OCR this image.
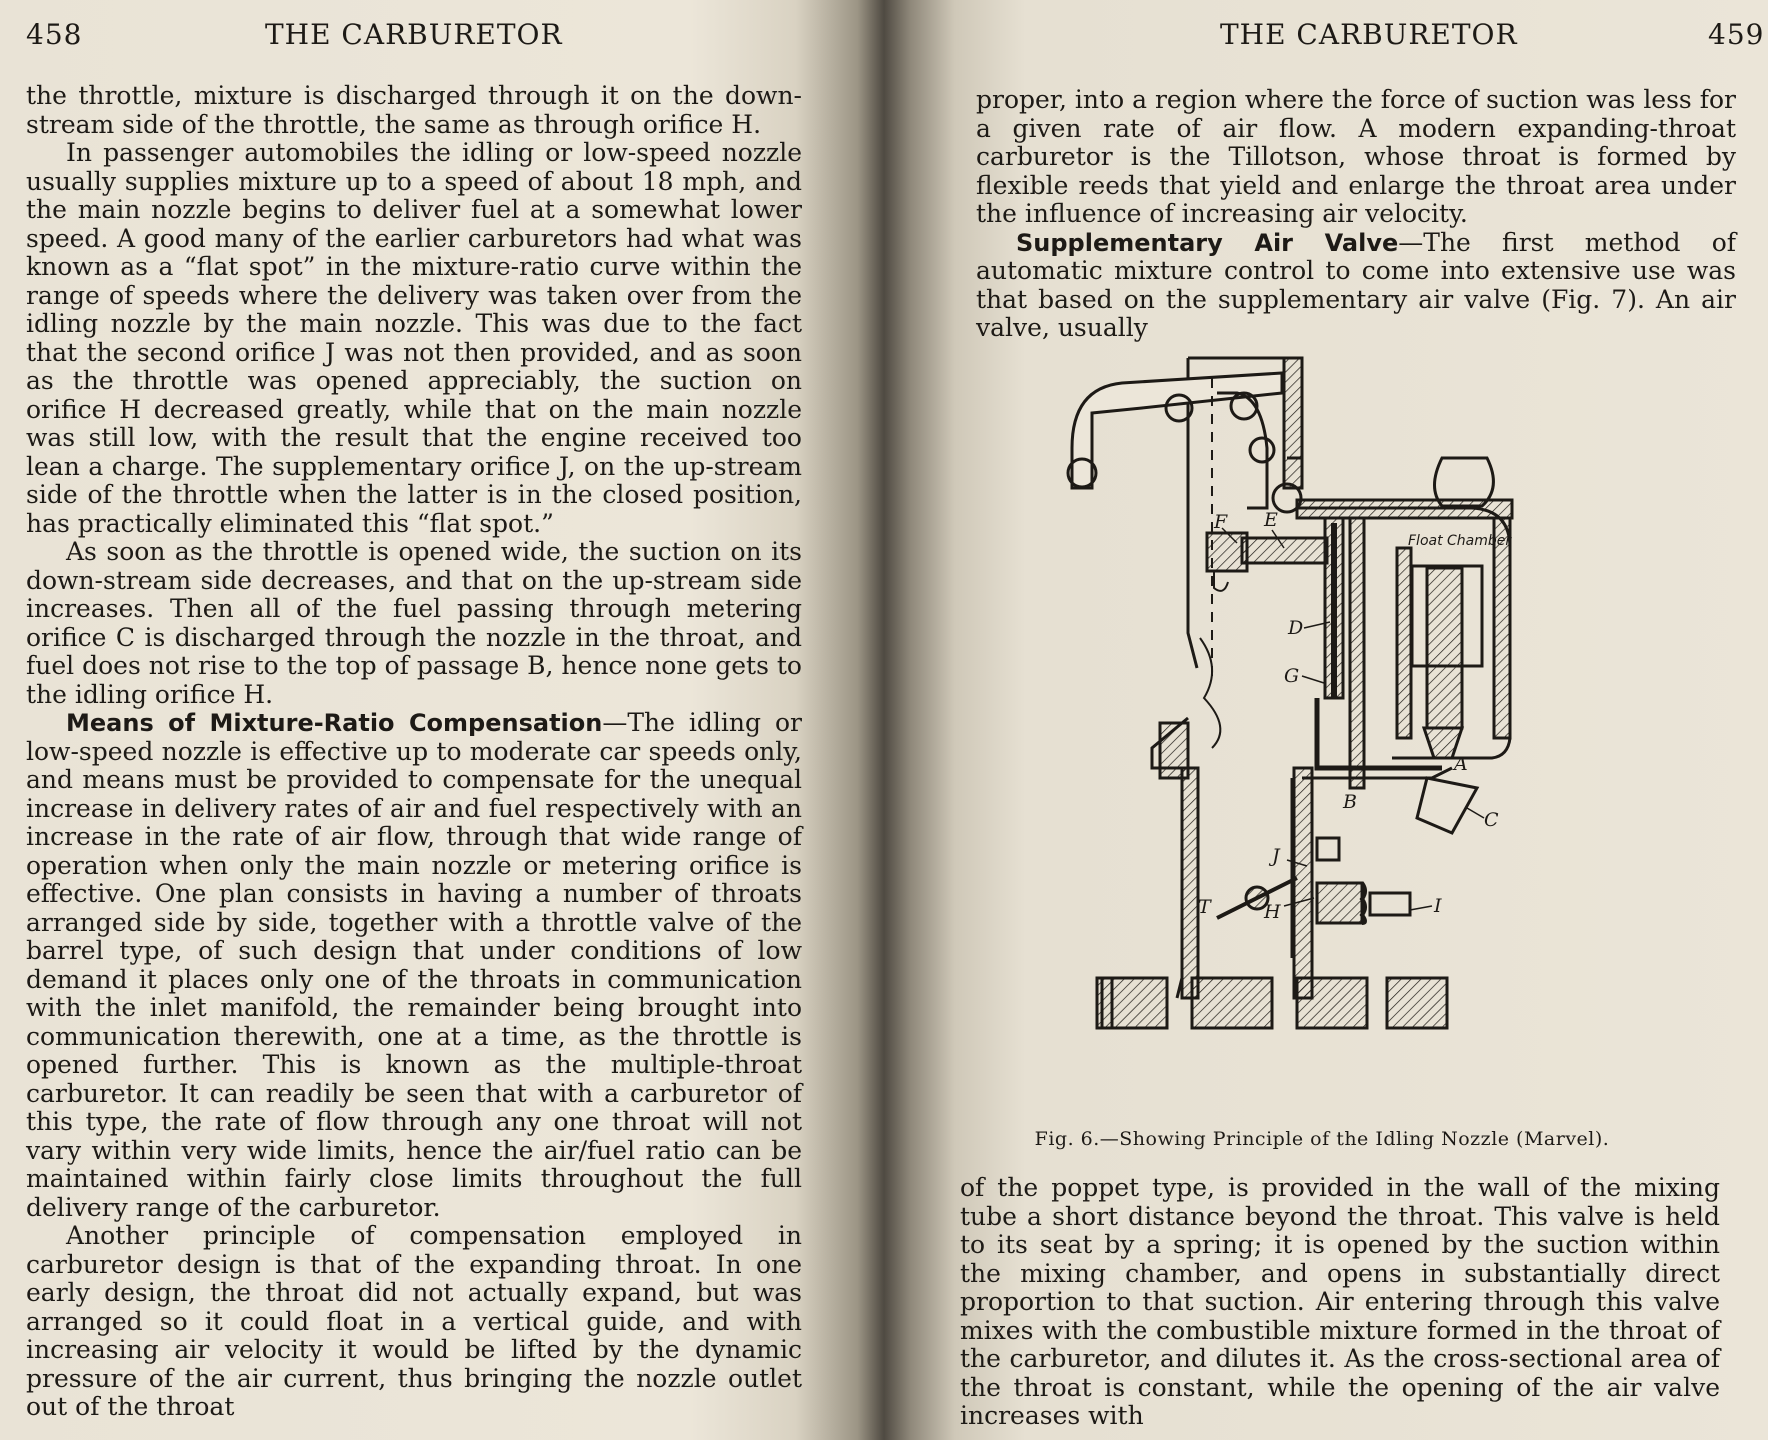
458	THE CARBURETOR

the throttle, mixture is discharged through it on the down-stream side of the throttle, the same as through orifice H.

In passenger automobiles the idling or low-speed nozzle usually supplies mixture up to a speed of about 18 mph, and the main nozzle begins to deliver fuel at a somewhat lower speed. A good many of the earlier carburetors had what was known as a “flat spot” in the mixture-ratio curve within the range of speeds where the delivery was taken over from the idling nozzle by the main nozzle. This was due to the fact that the second orifice J was not then provided, and as soon as the throttle was opened appreciably, the suction on orifice H decreased greatly, while that on the main nozzle was still low, with the result that the engine received too lean a charge. The supplementary orifice J, on the up-stream side of the throttle when the latter is in the closed position, has practically eliminated this “flat spot.”

As soon as the throttle is opened wide, the suction on its down-stream side decreases, and that on the up-stream side increases. Then all of the fuel passing through metering orifice C is discharged through the nozzle in the throat, and fuel does not rise to the top of passage B, hence none gets to the idling orifice H.

Means of Mixture-Ratio Compensation—The idling or low-speed nozzle is effective up to moderate car speeds only, and means must be provided to compensate for the unequal increase in delivery rates of air and fuel respectively with an increase in the rate of air flow, through that wide range of operation when only the main nozzle or metering orifice is effective. One plan consists in having a number of throats arranged side by side, together with a throttle valve of the barrel type, of such design that under conditions of low demand it places only one of the throats in communication with the inlet manifold, the remainder being brought into communication therewith, one at a time, as the throttle is opened further. This is known as the multiple-throat carburetor. It can readily be seen that with a carburetor of this type, the rate of flow through any one throat will not vary within very wide limits, hence the air/fuel ratio can be maintained within fairly close limits throughout the full delivery range of the carburetor.

Another principle of compensation employed in carburetor design is that of the expanding throat. In one early design, the throat did not actually expand, but was arranged so it could float in a vertical guide, and with increasing air velocity it would be lifted by the dynamic pressure of the air current, thus bringing the nozzle outlet out of the throat

THE CARBURETOR	459

proper, into a region where the force of suction was less for a given rate of air flow. A modern expanding-throat carburetor is the Tillotson, whose throat is formed by flexible reeds that yield and enlarge the throat area under the influence of increasing air velocity.

Supplementary Air Valve—The first method of automatic mixture control to come into extensive use was that based on the supplementary air valve (Fig. 7). An air valve, usually

Float Chamber
F E
D
G
A
B
C
J
T	H	I
Fig. 6.—Showing Principle of the Idling Nozzle (Marvel).

of the poppet type, is provided in the wall of the mixing tube a short distance beyond the throat. This valve is held to its seat by a spring; it is opened by the suction within the mixing chamber, and opens in substantially direct proportion to that suction. Air entering through this valve mixes with the combustible mixture formed in the throat of the carburetor, and dilutes it. As the cross-sectional area of the throat is constant, while the opening of the air valve increases with
